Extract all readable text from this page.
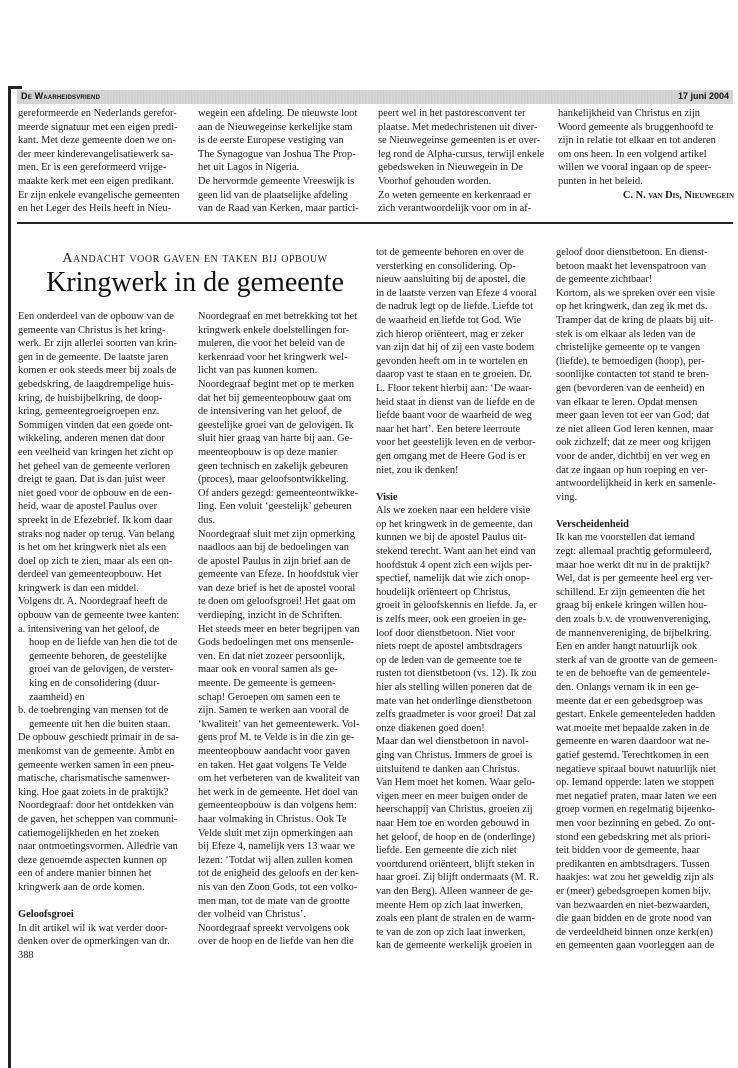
De Waarheidsvriend	17 juni 2004
gereformeerde en Nederlands gerefor-
meerde signatuur met een eigen predi-
kant. Met deze gemeente doen we on-
der meer kinderevangelisatiewerk sa-
men. Er is een gereformeerd vrijge-
maakte kerk met een eigen predikant.
Er zijn enkele evangelische gemeenten
en het Leger des Heils heeft in Nieu-
wegein een afdeling. De nieuwste loot
aan de Nieuwegeinse kerkelijke stam
is de eerste Europese vestiging van
The Synagogue van Joshua The Prop-
het uit Lagos in Nigeria.
De hervormde gemeente Vreeswijk is
geen lid van de plaatselijke afdeling
van de Raad van Kerken, maar partici-
peert wel in het pastoresconvent ter
plaatse. Met medechristenen uit diver-
se Nieuwegeinse gemeenten is er over-
leg rond de Alpha-cursus, terwijl enkele
gebedsweken in Nieuwegein in De
Voorhof gehouden worden.
Zo weten gemeente en kerkenraad er
zich verantwoordelijk voor om in af-
hankelijkheid van Christus en zijn
Woord gemeente als bruggenhoofd te
zijn in relatie tot elkaar en tot anderen
om ons heen. In een volgend artikel
willen we vooral ingaan op de speer-
punten in het beleid.
C. N. van Dis, Nieuwegein
Aandacht voor gaven en taken bij opbouw
Kringwerk in de gemeente
Een onderdeel van de opbouw van de
gemeente van Christus is het kring-
werk. Er zijn allerlei soorten van krin-
gen in de gemeente. De laatste jaren
komen er ook steeds meer bij zoals de
gebedskring, de laagdrempelige huis-
kring, de huisbijbelkring, de doop-
kring, gemeentegroeigroepen enz.
Sommigen vinden dat een goede ont-
wikkeling, anderen menen dat door
een veelheid van kringen het zicht op
het geheel van de gemeente verloren
dreigt te gaan. Dat is dan juist weer
niet goed voor de opbouw en de een-
heid, waar de apostel Paulus over
spreekt in de Efezebrief. Ik kom daar
straks nog nader op terug. Van belang
is het om het kringwerk niet als een
doel op zich te zien, maar als een on-
derdeel van gemeenteopbouw. Het
kringwerk is dan een middel.
Volgens dr. A. Noordegraaf heeft de
opbouw van de gemeente twee kanten:
a. intensivering van het geloof, de
hoop en de liefde van hen die tot de
gemeente behoren, de geestelijke
groei van de gelovigen, de verster-
king en de consolidering (duur-
zaamheid) en
b. de toebrenging van mensen tot de
gemeente uit hen die buiten staan.
De opbouw geschiedt primair in de sa-
menkomst van de gemeente. Ambt en
gemeente werken samen in een pneu-
matische, charismatische samenwer-
king. Hoe gaat zoiets in de praktijk?
Noordegraaf: door het ontdekken van
de gaven, het scheppen van communi-
catiemogelijkheden en het zoeken
naar ontmoetingsvormen. Alledrie van
deze genoemde aspecten kunnen op
een of andere manier binnen het
kringwerk aan de orde komen.
Geloofsgroei
In dit artikel wil ik wat verder door-
denken over de opmerkingen van dr.
388
Noordegraaf en met betrekking tot het
kringwerk enkele doelstellingen for-
muleren, die voor het beleid van de
kerkenraad voor het kringwerk wel-
licht van pas kunnen komen.
Noordegraaf begint met op te merken
dat het bij gemeenteopbouw gaat om
de intensivering van het geloof, de
geestelijke groei van de gelovigen. Ik
sluit hier graag van harte bij aan. Ge-
meenteopbouw is op deze manier
geen technisch en zakelijk gebeuren
(proces), maar geloofsontwikkeling.
Of anders gezegd: gemeenteontwikke-
ling. Een voluit ‘geestelijk’ gebeuren
dus.
Noordegraaf sluit met zijn opmerking
naadloos aan bij de bedoelingen van
de apostel Paulus in zijn brief aan de
gemeente van Efeze. In hoofdstuk vier
van deze brief is het de apostel vooral
te doen om geloofsgroei! Het gaat om
verdieping, inzicht in de Schriften.
Het steeds meer en beter begrijpen van
Gods bedoelingen met ons mensenle-
ven. En dat niet zozeer persoonlijk,
maar ook en vooral samen als ge-
meente. De gemeente is gemeen-
schap! Geroepen om samen een te
zijn. Samen te werken aan vooral de
‘kwaliteit’ van het gemeentewerk. Vol-
gens prof M. te Velde is in die zin ge-
meenteopbouw aandacht voor gaven
en taken. Het gaat volgens Te Velde
om het verbeteren van de kwaliteit van
het werk in de gemeente. Het doel van
gemeenteopbouw is dan volgens hem:
haar volmaking in Christus. Ook Te
Velde sluit met zijn opmerkingen aan
bij Efeze 4, namelijk vers 13 waar we
lezen: ‘Totdat wij allen zullen komen
tot de enigheid des geloofs en der ken-
nis van den Zoon Gods, tot een volko-
men man, tot de mate van de grootte
der volheid van Christus’.
Noordegraaf spreekt vervolgens ook
over de hoop en de liefde van hen die
tot de gemeente behoren en over de
versterking en consolidering. Op-
nieuw aansluiting bij de apostel, die
in de laatste verzen van Efeze 4 vooral
de nadruk legt op de liefde. Liefde tot
de waarheid en liefde tot God. Wie
zich hierop oriënteert, mag er zeker
van zijn dat hij of zij een vaste bodem
gevonden heeft om in te wortelen en
daarop vast te staan en te groeien. Dr.
L. Floor tekent hierbij aan: ‘De waar-
heid staat in dienst van de liefde en de
liefde baant voor de waarheid de weg
naar het hart’. Een betere leerroute
voor het geestelijk leven en de verbor-
gen omgang met de Heere God is er
niet, zou ik denken!
Visie
Als we zoeken naar een heldere visie
op het kringwerk in de gemeente, dan
kunnen we bij de apostel Paulus uit-
stekend terecht. Want aan het eind van
hoofdstuk 4 opent zich een wijds per-
spectief, namelijk dat wie zich onop-
houdelijk oriënteert op Christus,
groeit in geloofskennis en liefde. Ja, er
is zelfs meer, ook een groeien in ge-
loof door dienstbetoon. Niet voor
niets roept de apostel ambtsdragers
op de leden van de gemeente toe te
rusten tot dienstbetoon (vs. 12). Ik zou
hier als stelling willen poneren dat de
mate van het onderlinge dienstbetoon
zelfs graadmeter is voor groei! Dat zal
onze diakenen goed doen!
Maar dan wel dienstbetoon in navol-
ging van Christus. Immers de groei is
uitsluitend te danken aan Christus.
Van Hem moet het komen. Waar gelo-
vigen meer en meer buigen onder de
heerschappij van Christus, groeien zij
naar Hem toe en worden gebouwd in
het geloof, de hoop en de (onderlinge)
liefde. Een gemeente die zich niet
voortdurend oriënteert, blijft steken in
haar groei. Zij blijft ondermaats (M. R.
van den Berg). Alleen wanneer de ge-
meente Hem op zich laat inwerken,
zoals een plant de stralen en de warm-
te van de zon op zich laat inwerken,
kan de gemeente werkelijk groeien in
geloof door dienstbetoon. En dienst-
betoon maakt het levenspatroon van
de gemeente zichtbaar!
Kortom, als we spreken over een visie
op het kringwerk, dan zeg ik met ds.
Tramper dat de kring de plaats bij uit-
stek is om elkaar als leden van de
christelijke gemeente op te vangen
(liefde), te bemoedigen (hoop), per-
soonlijke contacten tot stand te bren-
gen (bevorderen van de eenheid) en
van elkaar te leren. Opdat mensen
meer gaan leven tot eer van God; dat
ze niet alleen God leren kennen, maar
ook zichzelf; dat ze meer oog krijgen
voor de ander, dichtbij en ver weg en
dat ze ingaan op hun roeping en ver-
antwoordelijkheid in kerk en samenle-
ving.
Verscheidenheid
Ik kan me voorstellen dat iemand
zegt: allemaal prachtig geformuleerd,
maar hoe werkt dit nu in de praktijk?
Wel, dat is per gemeente heel erg ver-
schillend. Er zijn gemeenten die het
graag bij enkele kringen willen hou-
den zoals b.v. de vrouwenvereniging,
de mannenvereniging, de bijbelkring.
Een en ander hangt natuurlijk ook
sterk af van de grootte van de gemeen-
te en de behoefte van de gemeentele-
den. Onlangs vernam ik in een ge-
meente dat er een gebedsgroep was
gestart. Enkele gemeenteleden hadden
wat moeite met bepaalde zaken in de
gemeente en waren daardoor wat ne-
gatief gestemd. Terechtkomen in een
negatieve spiraal bouwt natuurlijk niet
op. Iemand opperde: laten we stoppen
met negatief praten, maar laten we een
groep vormen en regelmatig bijeenko-
men voor bezinning en gebed. Zo ont-
stond een gebedskring met als priori-
teit bidden voor de gemeente, haar
predikanten en ambtsdragers. Tussen
haakjes: wat zou het geweldig zijn als
er (meer) gebedsgroepen komen bijv.
van bezwaarden en niet-bezwaarden,
die gaan bidden en de grote nood van
de verdeeldheid binnen onze kerk(en)
en gemeenten gaan voorleggen aan de
